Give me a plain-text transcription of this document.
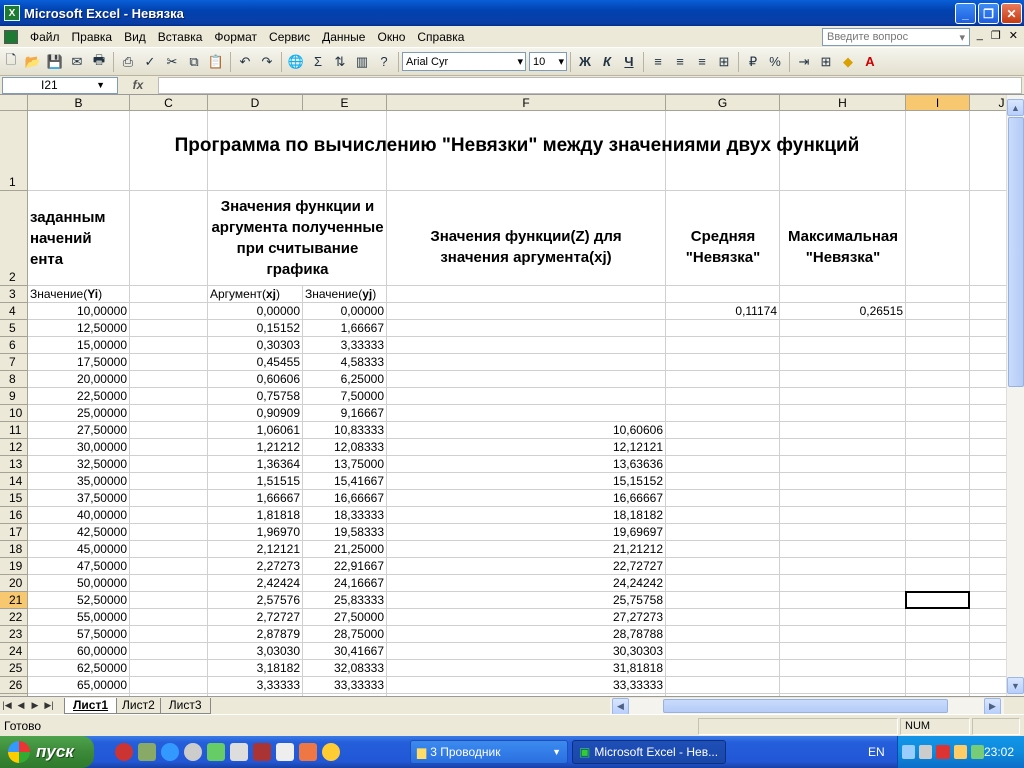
X Microsoft Excel - Невязка	_	❐	✕
Файл	Правка	Вид	Вставка	Формат	Сервис	Данные	Окно	Справка	Введите вопрос	▾ _ ❐ ✕
🗋 📂 💾 ✉ 🖶	⎙ ✓ ✂ ⧉ 📋	↶ ↷	🌐 Σ ⇅ ▥ ?	Arial Cyr	▾ 10 ▾	Ж К	Ч	≡	≡	≡ ⊞	₽ %	⇥ ⊞ ◆ A
I21	▼	fx
B	C	D	E	F	G	H	I	J
1
2
3
4
5
6
7
8
9
10
11
12
13
14
15
16
17
18
19
20
21
22
23
24
25
26
Программа по вычислению "Невязки" между значениями двух функций
заданным
начений
ента
Значения функции и аргумента полученные при считывание графика
Значения функции(Z) для значения аргумента(xj)
Средняя "Невязка"
Максимальная "Невязка"
Значение(Yi)	Аргумент(xj) Значение(yj)
0,11174	0,26515
10,00000	0,00000	0,00000
12,50000	0,15152	1,66667
15,00000	0,30303	3,33333
17,50000	0,45455	4,58333
20,00000	0,60606	6,25000
22,50000	0,75758	7,50000
25,00000	0,90909	9,16667
27,50000	1,06061	10,83333	10,60606
30,00000	1,21212	12,08333	12,12121
32,50000	1,36364	13,75000	13,63636
35,00000	1,51515	15,41667	15,15152
37,50000	1,66667	16,66667	16,66667
40,00000	1,81818	18,33333	18,18182
42,50000	1,96970	19,58333	19,69697
45,00000	2,12121	21,25000	21,21212
47,50000	2,27273	22,91667	22,72727
50,00000	2,42424	24,16667	24,24242
52,50000	2,57576	25,83333	25,75758
55,00000	2,72727	27,50000	27,27273
57,50000	2,87879	28,75000	28,78788
60,00000	3,03030	30,41667	30,30303
62,50000	3,18182	32,08333	31,81818
65,00000	3,33333	33,33333	33,33333
▲
▼
|◀ ◀ ▶ ▶|	Лист1	Лист2	Лист3	◀	▶
Готово	NUM
пуск	▆ 3 Проводник	▼ ▣ Microsoft Excel - Нев...	EN	23:02
